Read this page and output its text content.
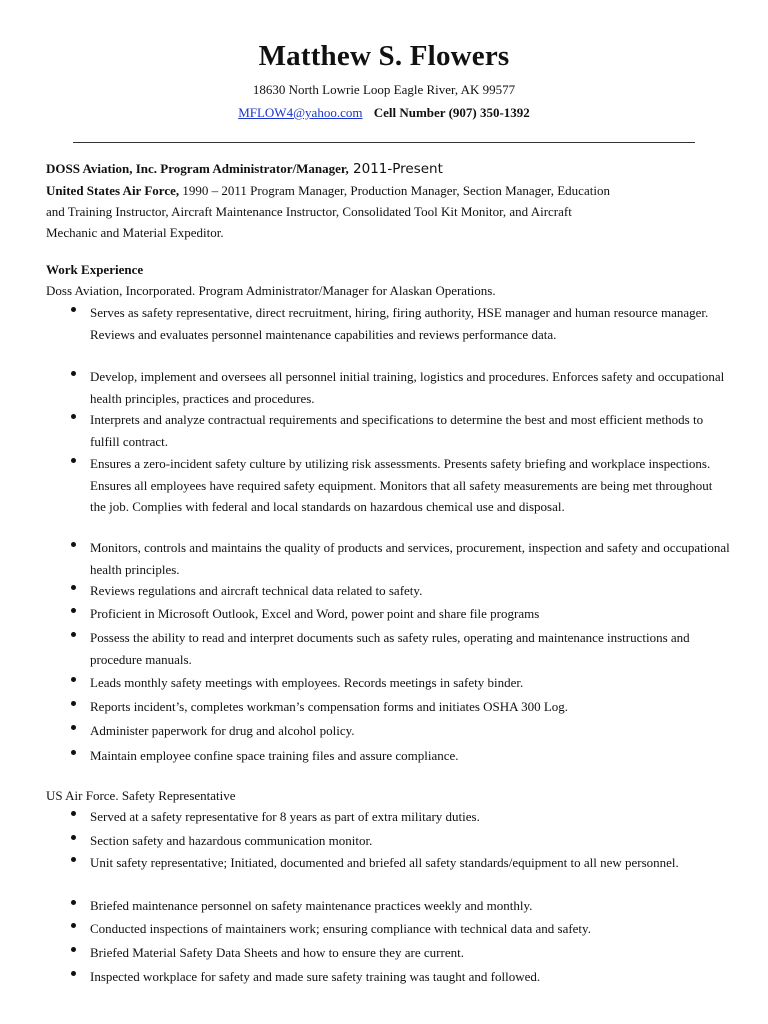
Matthew S. Flowers
18630 North Lowrie Loop Eagle River, AK 99577
MFLOW4@yahoo.com Cell Number (907) 350-1392
DOSS Aviation, Inc. Program Administrator/Manager, 2011-Present
United States Air Force, 1990 – 2011 Program Manager, Production Manager, Section Manager, Education
and Training Instructor, Aircraft Maintenance Instructor, Consolidated Tool Kit Monitor, and Aircraft
Mechanic and Material Expeditor.
Work Experience
Doss Aviation, Incorporated. Program Administrator/Manager for Alaskan Operations.
Serves as safety representative, direct recruitment, hiring, firing authority, HSE manager and human resource manager. Reviews and evaluates personnel maintenance capabilities and reviews performance data.
Develop, implement and oversees all personnel initial training, logistics and procedures. Enforces safety and occupational health principles, practices and procedures.
Interprets and analyze contractual requirements and specifications to determine the best and most efficient methods to fulfill contract.
Ensures a zero-incident safety culture by utilizing risk assessments. Presents safety briefing and workplace inspections. Ensures all employees have required safety equipment. Monitors that all safety measurements are being met throughout the job. Complies with federal and local standards on hazardous chemical use and disposal.
Monitors, controls and maintains the quality of products and services, procurement, inspection and safety and occupational health principles.
Reviews regulations and aircraft technical data related to safety.
Proficient in Microsoft Outlook, Excel and Word, power point and share file programs
Possess the ability to read and interpret documents such as safety rules, operating and maintenance instructions and procedure manuals.
Leads monthly safety meetings with employees. Records meetings in safety binder.
Reports incident’s, completes workman’s compensation forms and initiates OSHA 300 Log.
Administer paperwork for drug and alcohol policy.
Maintain employee confine space training files and assure compliance.
US Air Force. Safety Representative
Served at a safety representative for 8 years as part of extra military duties.
Section safety and hazardous communication monitor.
Unit safety representative; Initiated, documented and briefed all safety standards/equipment to all new personnel.
Briefed maintenance personnel on safety maintenance practices weekly and monthly.
Conducted inspections of maintainers work; ensuring compliance with technical data and safety.
Briefed Material Safety Data Sheets and how to ensure they are current.
Inspected workplace for safety and made sure safety training was taught and followed.
